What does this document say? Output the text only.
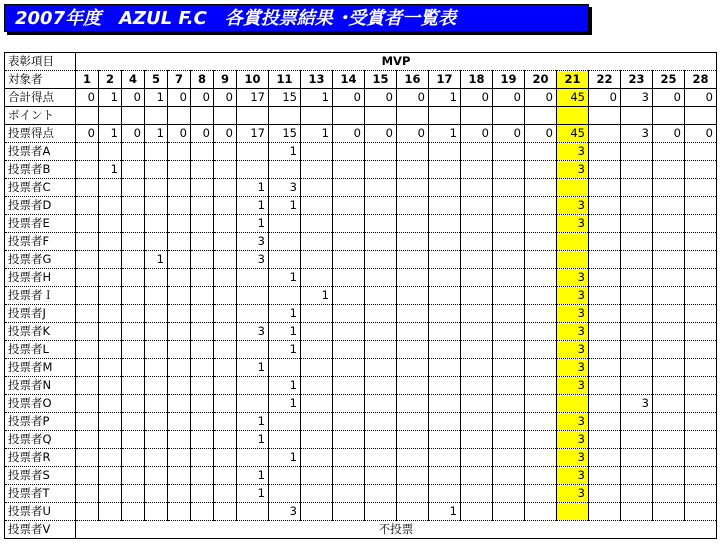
2007年度　AZUL F.C　各賞投票結果 ･受賞者一覧表
表彰項目	MVP																					
対象者	1	2	4	5	7	8	9	10	11	13	14	15	16	17	18	19	20	21	22	23	25	28
合計得点	0	1	0	1	0	0	0	17	15	1	0	0	0	1	0	0	0	45	0	3	0	0
ポイント																						
投票得点	0	1	0	1	0	0	0	17	15	1	0	0	0	1	0	0	0	45		3	0	0
投票者A									1									3				
投票者B		1																3				
投票者C								1	3													
投票者D								1	1									3				
投票者E								1										3				
投票者F								3														
投票者G				1				3														
投票者H									1									3				
投票者Ｉ										1								3				
投票者J									1									3				
投票者K								3	1									3				
投票者L									1									3				
投票者M								1										3				
投票者N									1									3				
投票者O									1											3		
投票者P								1										3				
投票者Q								1										3				
投票者R									1									3				
投票者S								1										3				
投票者T								1										3				
投票者U									3					1								
投票者V	不投票																					
